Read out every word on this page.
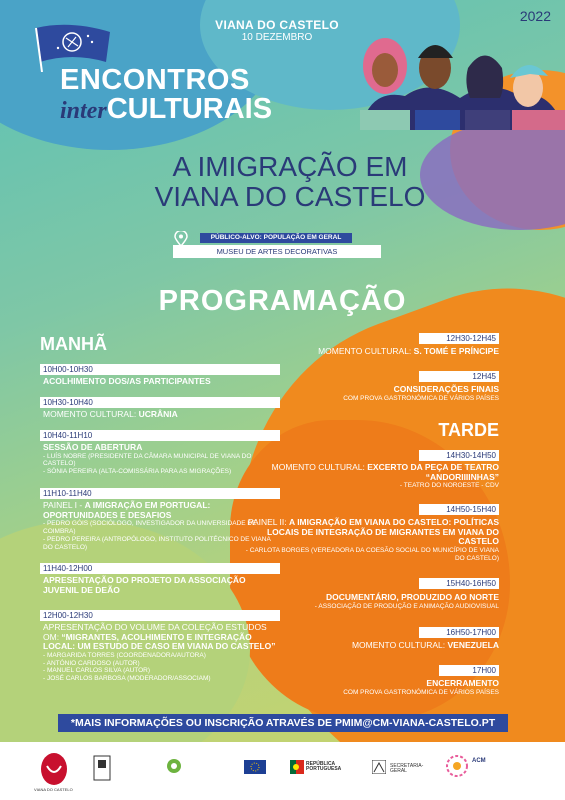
2022
VIANA DO CASTELO
10 DEZEMBRO
ENCONTROS
interCULTURAIS
A IMIGRAÇÃO EM
VIANA DO CASTELO
PÚBLICO-ALVO: POPULAÇÃO EM GERAL
MUSEU DE ARTES DECORATIVAS
PROGRAMAÇÃO
MANHÃ
10H00-10H30
ACOLHIMENTO DOS/AS PARTICIPANTES
10H30-10H40
MOMENTO CULTURAL: UCRÂNIA
10H40-11H10
SESSÃO DE ABERTURA
- LUÍS NOBRE (PRESIDENTE DA CÂMARA MUNICIPAL DE VIANA DO CASTELO)
- SÓNIA PEREIRA (ALTA-COMISSÁRIA PARA AS MIGRAÇÕES)
11H10-11H40
PAINEL I - A IMIGRAÇÃO EM PORTUGAL: OPORTUNIDADES E DESAFIOS
- PEDRO GÓIS (SOCIÓLOGO, INVESTIGADOR DA UNIVERSIDADE DE COIMBRA)
- PEDRO PEREIRA (ANTROPÓLOGO, INSTITUTO POLITÉCNICO DE VIANA DO CASTELO)
11H40-12H00
APRESENTAÇÃO DO PROJETO DA ASSOCIAÇÃO JUVENIL DE DEÃO
12H00-12H30
APRESENTAÇÃO DO VOLUME DA COLEÇÃO ESTUDOS OM: “MIGRANTES, ACOLHIMENTO E INTEGRAÇÃO LOCAL: UM ESTUDO DE CASO EM VIANA DO CASTELO”
- MARGARIDA TORRES (COORDENADORA/AUTORA)
- ANTÓNIO CARDOSO (AUTOR)
- MANUEL CARLOS SILVA (AUTOR)
- JOSÉ CARLOS BARBOSA (MODERADOR/ASSOCIAM)
12H30-12H45
MOMENTO CULTURAL: S. TOMÉ E PRÍNCIPE
12H45
CONSIDERAÇÕES FINAIS
COM PROVA GASTRONÓMICA DE VÁRIOS PAÍSES
TARDE
14H30-14H50
MOMENTO CULTURAL: EXCERTO DA PEÇA DE TEATRO “ANDORIIIINHAS”
- TEATRO DO NOROESTE - CDV
14H50-15H40
PAINEL II: A IMIGRAÇÃO EM VIANA DO CASTELO: POLÍTICAS LOCAIS DE INTEGRAÇÃO DE MIGRANTES EM VIANA DO CASTELO
- CARLOTA BORGES (VEREADORA DA COESÃO SOCIAL DO MUNICÍPIO DE VIANA DO CASTELO)
15H40-16H50
DOCUMENTÁRIO, PRODUZIDO AO NORTE
- ASSOCIAÇÃO DE PRODUÇÃO E ANIMAÇÃO AUDIOVISUAL
16H50-17H00
MOMENTO CULTURAL: VENEZUELA
17H00
ENCERRAMENTO
COM PROVA GASTRONÓMICA DE VÁRIOS PAÍSES
*MAIS INFORMAÇÕES OU INSCRIÇÃO ATRAVÉS DE PMIM@CM-VIANA-CASTELO.PT
VIANA DO CASTELO
REPÚBLICA PORTUGUESA
SECRETARIA-GERAL
ACM
